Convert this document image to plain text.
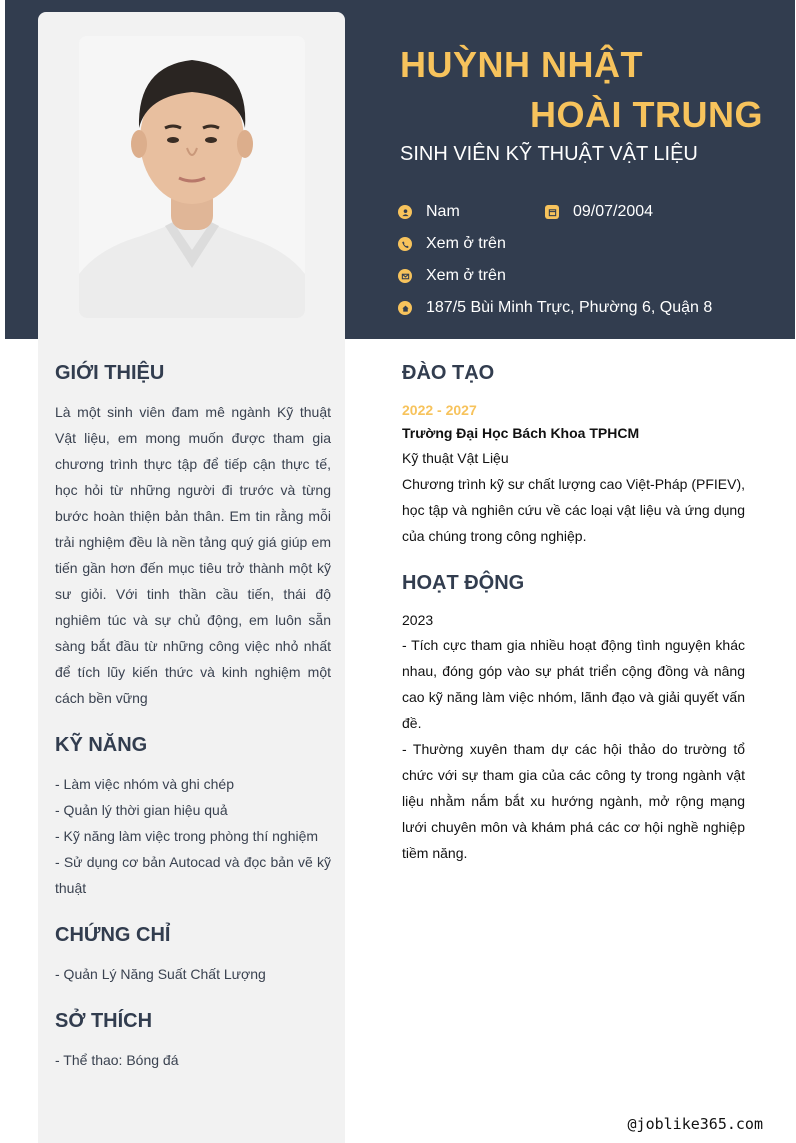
HUỲNH NHẬT
HOÀI TRUNG
SINH VIÊN KỸ THUẬT VẬT LIỆU
Nam	09/07/2004
Xem ở trên
Xem ở trên
187/5 Bùi Minh Trực, Phường 6, Quận 8
GIỚI THIỆU
Là một sinh viên đam mê ngành Kỹ thuật Vật liệu, em mong muốn được tham gia chương trình thực tập để tiếp cận thực tế, học hỏi từ những người đi trước và từng bước hoàn thiện bản thân. Em tin rằng mỗi trải nghiệm đều là nền tảng quý giá giúp em tiến gần hơn đến mục tiêu trở thành một kỹ sư giỏi. Với tinh thần cầu tiến, thái độ nghiêm túc và sự chủ động, em luôn sẵn sàng bắt đầu từ những công việc nhỏ nhất để tích lũy kiến thức và kinh nghiệm một cách bền vững
KỸ NĂNG
- Làm việc nhóm và ghi chép
- Quản lý thời gian hiệu quả
- Kỹ năng làm việc trong phòng thí nghiệm
- Sử dụng cơ bản Autocad và đọc bản vẽ kỹ thuật
CHỨNG CHỈ
- Quản Lý Năng Suất Chất Lượng
SỞ THÍCH
- Thể thao: Bóng đá
ĐÀO TẠO
2022 - 2027
Trường Đại Học Bách Khoa TPHCM
Kỹ thuật Vật Liệu
Chương trình kỹ sư chất lượng cao Việt-Pháp (PFIEV), học tập và nghiên cứu về các loại vật liệu và ứng dụng của chúng trong công nghiệp.
HOẠT ĐỘNG
2023
- Tích cực tham gia nhiều hoạt động tình nguyện khác nhau, đóng góp vào sự phát triển cộng đồng và nâng cao kỹ năng làm việc nhóm, lãnh đạo và giải quyết vấn đề.
- Thường xuyên tham dự các hội thảo do trường tổ chức với sự tham gia của các công ty trong ngành vật liệu nhằm nắm bắt xu hướng ngành, mở rộng mạng lưới chuyên môn và khám phá các cơ hội nghề nghiệp tiềm năng.
@joblike365.com
